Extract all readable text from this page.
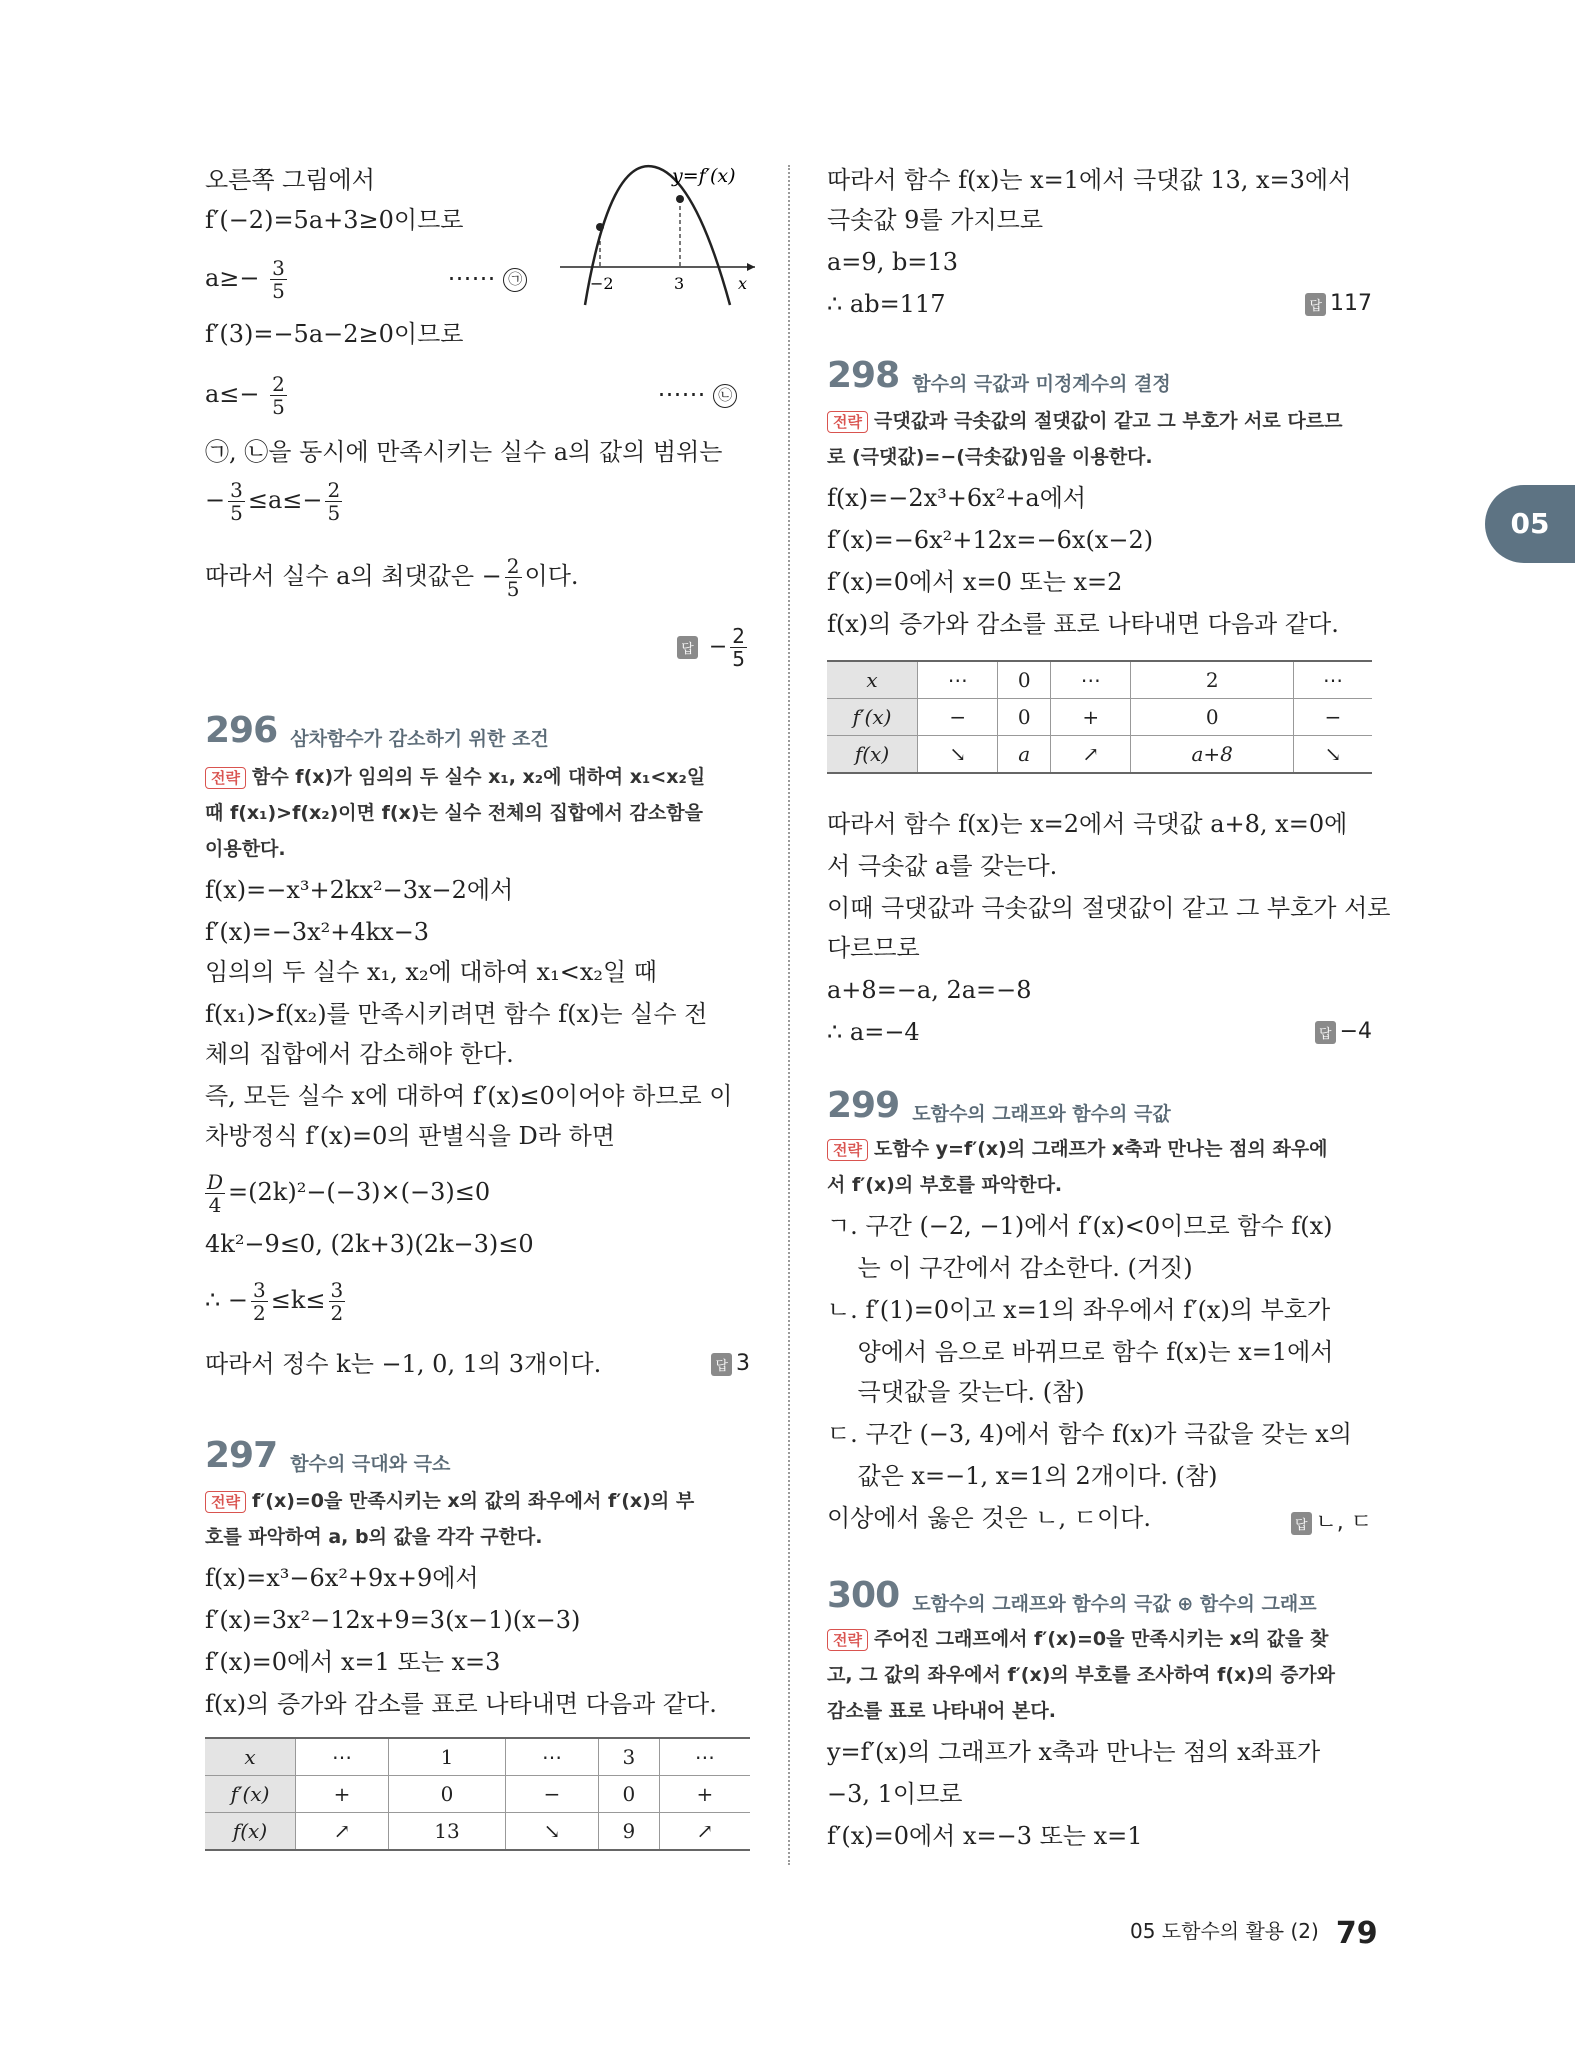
05
오른쪽 그림에서
f′(−2)=5a+3≥0이므로
$a\ge- \frac{3}{5}$	⋯⋯ ㉠
f′(3)=−5a−2≥0이므로
$a\le- \frac{2}{5}$	⋯⋯ ㉡
㉠, ㉡을 동시에 만족시키는 실수 a의 값의 범위는
− $\frac{3}{5} \le a\le- \frac{2}{5}$
따라서 실수 a의 최댓값은 − $\frac{2}{5}$ 이다.
답 − $\frac{2}{5}$
−2	3	x
y=f′(x)
296 삼차함수가 감소하기 위한 조건
전략 함수 f(x)가 임의의 두 실수 x₁, x₂에 대하여 x₁<x₂일
때 f(x₁)>f(x₂)이면 f(x)는 실수 전체의 집합에서 감소함을
이용한다.
f(x)=−x³+2kx²−3x−2에서
f′(x)=−3x²+4kx−3
임의의 두 실수 x₁, x₂에 대하여 x₁<x₂일 때
f(x₁)>f(x₂)를 만족시키려면 함수 f(x)는 실수 전
체의 집합에서 감소해야 한다.
즉, 모든 실수 x에 대하여 f′(x)≤0이어야 하므로 이
차방정식 f′(x)=0의 판별식을 D라 하면
$\frac{D}{4} =(2k)^2-(-3)\times(-3)\le 0$
4k²−9≤0, (2k+3)(2k−3)≤0
∴ − $\frac{3}{2} \le k\le \frac{3}{2}$
따라서 정수 k는 −1, 0, 1의 3개이다.	답 3
297 함수의 극대와 극소
전략 f′(x)=0을 만족시키는 x의 값의 좌우에서 f′(x)의 부
호를 파악하여 a, b의 값을 각각 구한다.
f(x)=x³−6x²+9x+9에서
f′(x)=3x²−12x+9=3(x−1)(x−3)
f′(x)=0에서 x=1 또는 x=3
f(x)의 증가와 감소를 표로 나타내면 다음과 같다.
x	⋯	1	⋯	3	⋯
f′(x)	+	0	−	0	+
f(x)	↗	13	↘	9	↗
따라서 함수 f(x)는 x=1에서 극댓값 13, x=3에서
극솟값 9를 가지므로
a=9, b=13
∴ ab=117	답 117
298 함수의 극값과 미정계수의 결정
전략 극댓값과 극솟값의 절댓값이 같고 그 부호가 서로 다르므
로 (극댓값)=−(극솟값)임을 이용한다.
f(x)=−2x³+6x²+a에서
f′(x)=−6x²+12x=−6x(x−2)
f′(x)=0에서 x=0 또는 x=2
f(x)의 증가와 감소를 표로 나타내면 다음과 같다.
x	⋯	0	⋯	2	⋯
f′(x)	−	0	+	0	−
f(x)	↘	a	↗	a+8	↘
따라서 함수 f(x)는 x=2에서 극댓값 a+8, x=0에
서 극솟값 a를 갖는다.
이때 극댓값과 극솟값의 절댓값이 같고 그 부호가 서로
다르므로
a+8=−a, 2a=−8
∴ a=−4	답 −4
299 도함수의 그래프와 함수의 극값
전략 도함수 y=f′(x)의 그래프가 x축과 만나는 점의 좌우에
서 f′(x)의 부호를 파악한다.
ㄱ. 구간 (−2, −1)에서 f′(x)<0이므로 함수 f(x)
는 이 구간에서 감소한다. (거짓)
ㄴ. f′(1)=0이고 x=1의 좌우에서 f′(x)의 부호가
양에서 음으로 바뀌므로 함수 f(x)는 x=1에서
극댓값을 갖는다. (참)
ㄷ. 구간 (−3, 4)에서 함수 f(x)가 극값을 갖는 x의
값은 x=−1, x=1의 2개이다. (참)
이상에서 옳은 것은 ㄴ, ㄷ이다.	답 ㄴ, ㄷ
300 도함수의 그래프와 함수의 극값 ⊕ 함수의 그래프
전략 주어진 그래프에서 f′(x)=0을 만족시키는 x의 값을 찾
고, 그 값의 좌우에서 f′(x)의 부호를 조사하여 f(x)의 증가와
감소를 표로 나타내어 본다.
y=f′(x)의 그래프가 x축과 만나는 점의 x좌표가
−3, 1이므로
f′(x)=0에서 x=−3 또는 x=1
05 도함수의 활용 (2) 79
